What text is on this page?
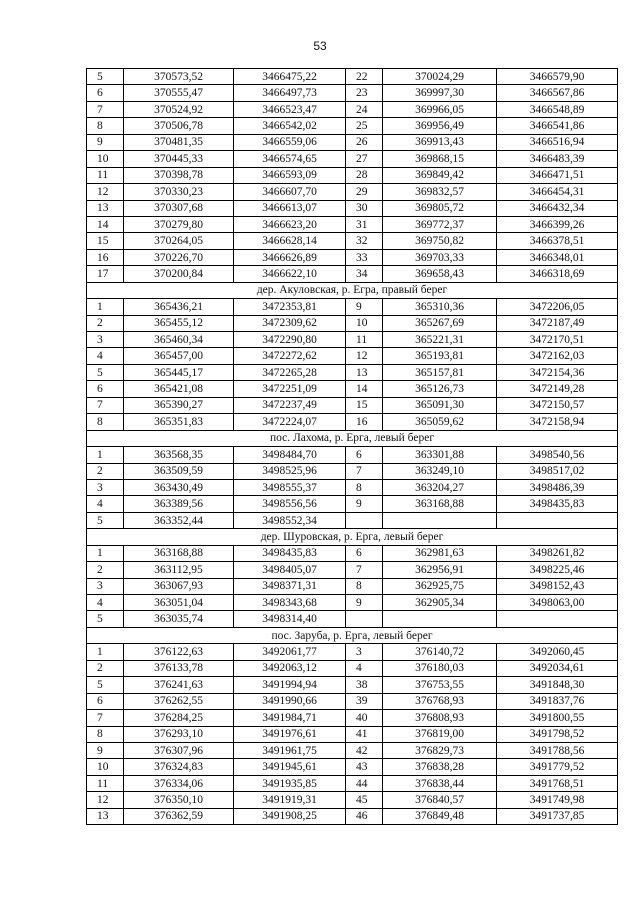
53
5	370573,52	3466475,22	22	370024,29	3466579,90
6	370555,47	3466497,73	23	369997,30	3466567,86
7	370524,92	3466523,47	24	369966,05	3466548,89
8	370506,78	3466542,02	25	369956,49	3466541,86
9	370481,35	3466559,06	26	369913,43	3466516,94
10	370445,33	3466574,65	27	369868,15	3466483,39
11	370398,78	3466593,09	28	369849,42	3466471,51
12	370330,23	3466607,70	29	369832,57	3466454,31
13	370307,68	3466613,07	30	369805,72	3466432,34
14	370279,80	3466623,20	31	369772,37	3466399,26
15	370264,05	3466628,14	32	369750,82	3466378,51
16	370226,70	3466626,89	33	369703,33	3466348,01
17	370200,84	3466622,10	34	369658,43	3466318,69
дер. Акуловская, р. Егра, правый берег					
1	365436,21	3472353,81	9	365310,36	3472206,05
2	365455,12	3472309,62	10	365267,69	3472187,49
3	365460,34	3472290,80	11	365221,31	3472170,51
4	365457,00	3472272,62	12	365193,81	3472162,03
5	365445,17	3472265,28	13	365157,81	3472154,36
6	365421,08	3472251,09	14	365126,73	3472149,28
7	365390,27	3472237,49	15	365091,30	3472150,57
8	365351,83	3472224,07	16	365059,62	3472158,94
пос. Лахома, р. Ерга, левый берег					
1	363568,35	3498484,70	6	363301,88	3498540,56
2	363509,59	3498525,96	7	363249,10	3498517,02
3	363430,49	3498555,37	8	363204,27	3498486,39
4	363389,56	3498556,56	9	363168,88	3498435,83
5	363352,44	3498552,34			
дер. Шуровская, р. Ерга, левый берег					
1	363168,88	3498435,83	6	362981,63	3498261,82
2	363112,95	3498405,07	7	362956,91	3498225,46
3	363067,93	3498371,31	8	362925,75	3498152,43
4	363051,04	3498343,68	9	362905,34	3498063,00
5	363035,74	3498314,40			
пос. Заруба, р. Ерга, левый берег					
1	376122,63	3492061,77	3	376140,72	3492060,45
2	376133,78	3492063,12	4	376180,03	3492034,61
5	376241,63	3491994,94	38	376753,55	3491848,30
6	376262,55	3491990,66	39	376768,93	3491837,76
7	376284,25	3491984,71	40	376808,93	3491800,55
8	376293,10	3491976,61	41	376819,00	3491798,52
9	376307,96	3491961,75	42	376829,73	3491788,56
10	376324,83	3491945,61	43	376838,28	3491779,52
11	376334,06	3491935,85	44	376838,44	3491768,51
12	376350,10	3491919,31	45	376840,57	3491749,98
13	376362,59	3491908,25	46	376849,48	3491737,85
